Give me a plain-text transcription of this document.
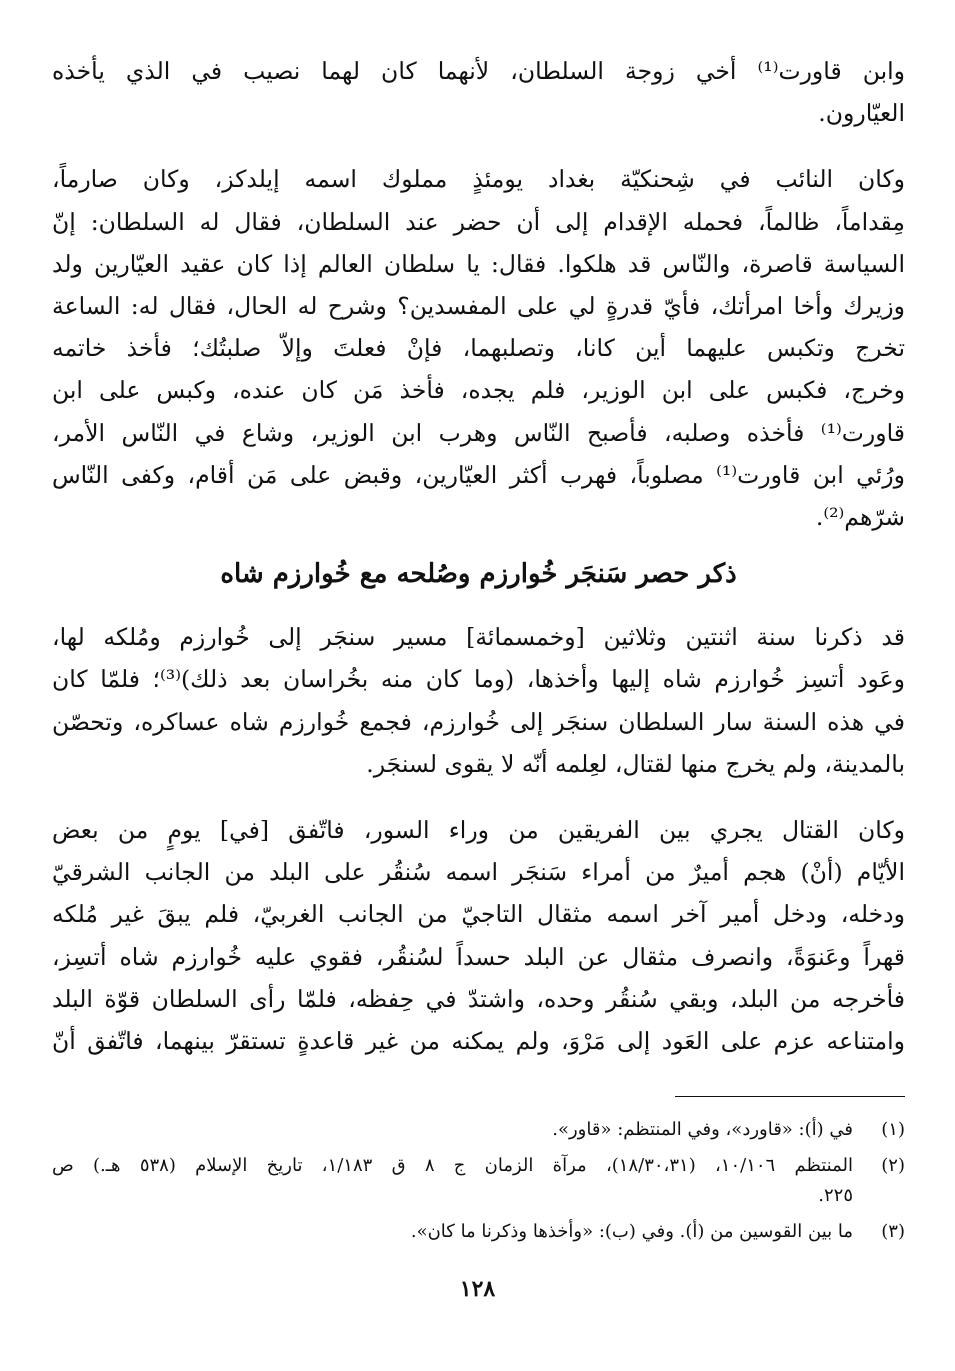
وابن قاورت⁽¹⁾ أخي زوجة السلطان، لأنهما كان لهما نصيب في الذي يأخذه
العيّارون.
وكان النائب في شِحنكيّة بغداد يومئذٍ مملوك اسمه إيلدكز، وكان صارماً،
مِقداماً، ظالماً، فحمله الإقدام إلى أن حضر عند السلطان، فقال له السلطان: إنّ
السياسة قاصرة، والنّاس قد هلكوا. فقال: يا سلطان العالم إذا كان عقيد العيّارين ولد
وزيرك وأخا امرأتك، فأيّ قدرةٍ لي على المفسدين؟ وشرح له الحال، فقال له: الساعة
تخرج وتكبس عليهما أين كانا، وتصلبهما، فإنْ فعلتَ وإلاّ صلبتُك؛ فأخذ خاتمه
وخرج، فكبس على ابن الوزير، فلم يجده، فأخذ مَن كان عنده، وكبس على ابن
قاورت⁽¹⁾ فأخذه وصلبه، فأصبح النّاس وهرب ابن الوزير، وشاع في النّاس الأمر،
ورُئي ابن قاورت⁽¹⁾ مصلوباً، فهرب أكثر العيّارين، وقبض على مَن أقام، وكفى النّاس
شرّهم⁽²⁾.
ذكر حصر سَنجَر خُوارزم وصُلحه مع خُوارزم شاه
قد ذكرنا سنة اثنتين وثلاثين [وخمسمائة] مسير سنجَر إلى خُوارزم ومُلكه لها،
وعَود أتسِز خُوارزم شاه إليها وأخذها، (وما كان منه بخُراسان بعد ذلك)⁽³⁾؛ فلمّا كان
في هذه السنة سار السلطان سنجَر إلى خُوارزم، فجمع خُوارزم شاه عساكره، وتحصّن
بالمدينة، ولم يخرج منها لقتال، لعِلمه أنّه لا يقوى لسنجَر.
وكان القتال يجري بين الفريقين من وراء السور، فاتّفق [في] يومٍ من بعض
الأيّام (أنْ) هجم أميرٌ من أمراء سَنجَر اسمه سُنقُر على البلد من الجانب الشرقيّ
ودخله، ودخل أمير آخر اسمه مثقال التاجيّ من الجانب الغربيّ، فلم يبقَ غير مُلكه
قهراً وعَنوَةً، وانصرف مثقال عن البلد حسداً لسُنقُر، فقوي عليه خُوارزم شاه أتسِز،
فأخرجه من البلد، وبقي سُنقُر وحده، واشتدّ في حِفظه، فلمّا رأى السلطان قوّة البلد
وامتناعه عزم على العَود إلى مَرْوَ، ولم يمكنه من غير قاعدةٍ تستقرّ بينهما، فاتّفق أنّ
(١)
في (أ): «قاورد»، وفي المنتظم: «قاور».
(٢)
المنتظم ١٠/١٠٦، (١٨/٣٠،٣١)، مرآة الزمان ج ٨ ق ١/١٨٣، تاريخ الإسلام (٥٣٨ هـ.) ص
٢٢٥.
(٣)
ما بين القوسين من (أ). وفي (ب): «وأخذها وذكرنا ما كان».
١٢٨
